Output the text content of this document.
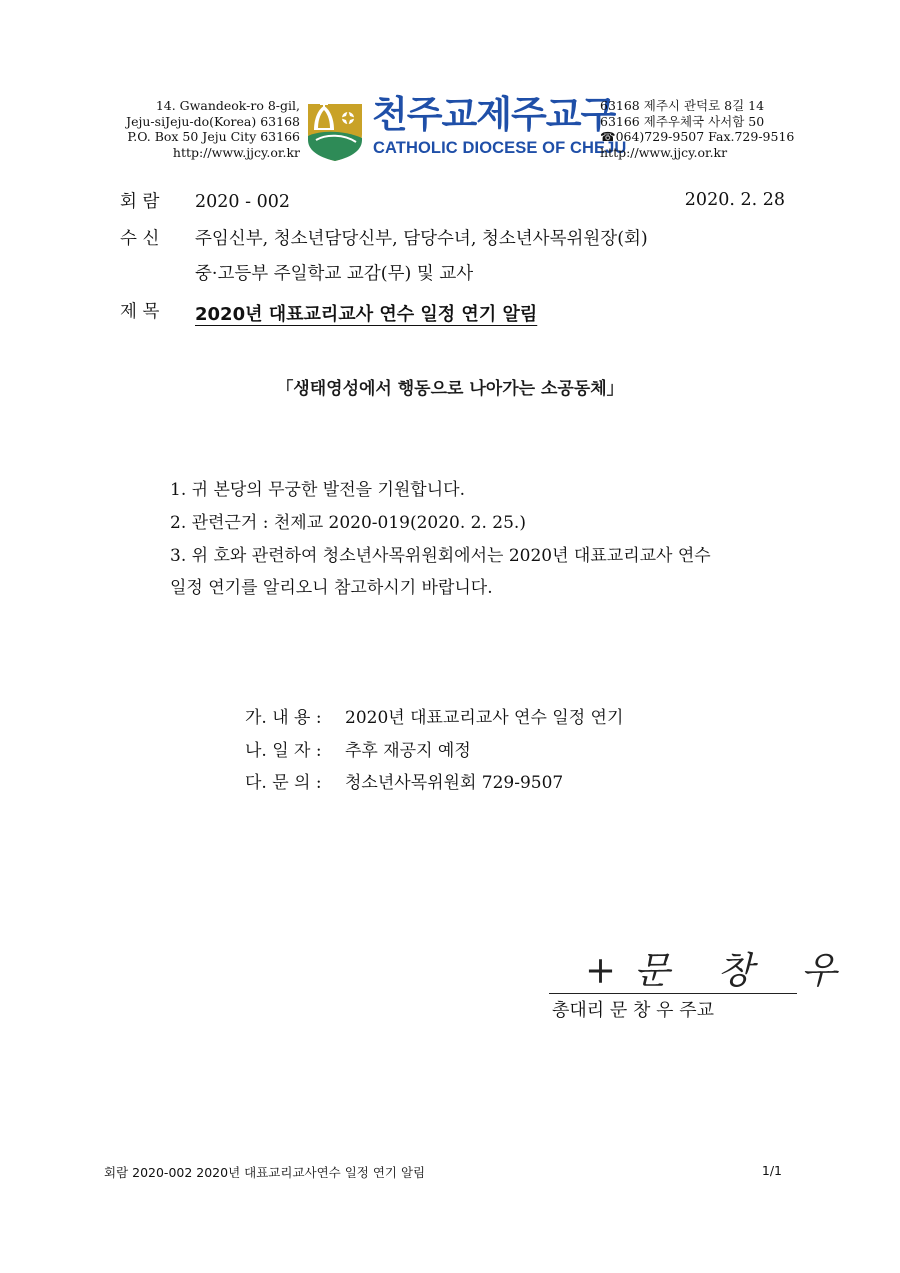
14. Gwandeok-ro 8-gil,
Jeju-siJeju-do(Korea) 63168
P.O. Box 50 Jeju City 63166
http://www.jjcy.or.kr
천주교제주교구
CATHOLIC DIOCESE OF CHEJU
63168 제주시 관덕로 8길 14
63166 제주우체국 사서함 50
☎064)729-9507 Fax.729-9516
http://www.jjcy.or.kr
회 람 2020 - 002	2020. 2. 28
수 신 주임신부, 청소년담당신부, 담당수녀, 청소년사목위원장(회)
중·고등부 주일학교 교감(무) 및 교사
제 목 2020년 대표교리교사 연수 일정 연기 알림
「생태영성에서 행동으로 나아가는 소공동체」
1. 귀 본당의 무궁한 발전을 기원합니다.
2. 관련근거 : 천제교 2020-019(2020. 2. 25.)
3. 위 호와 관련하여 청소년사목위원회에서는 2020년 대표교리교사 연수
일정 연기를 알리오니 참고하시기 바랍니다.
가. 내 용 : 2020년 대표교리교사 연수 일정 연기
나. 일 자 : 추후 재공지 예정
다. 문 의 : 청소년사목위원회 729-9507
+문 창 우
총대리 문 창 우 주교
회람 2020-002 2020년 대표교리교사연수 일정 연기 알림	1/1
